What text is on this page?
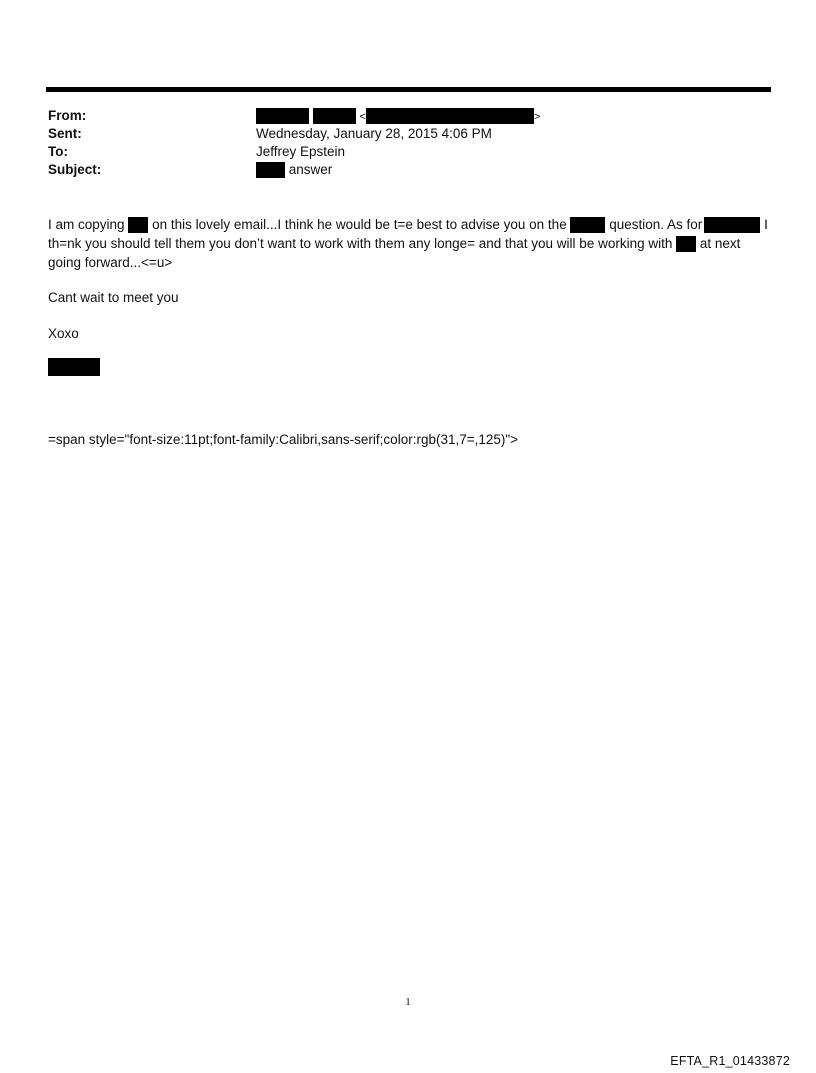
From:	<	>
Sent:	Wednesday, January 28, 2015 4:06 PM
To:	Jeffrey Epstein
Subject:	answer
I am copying on this lovely email...I think he would be t=e best to advise you on the	question. As for	I
th=nk you should tell them you don’t want to work with them any longe= and that you will be working with at next
going forward...<=u>
Cant wait to meet you
Xoxo
=span style="font-size:11pt;font-family:Calibri,sans-serif;color:rgb(31,7=,125)">
1
EFTA_R1_01433872
